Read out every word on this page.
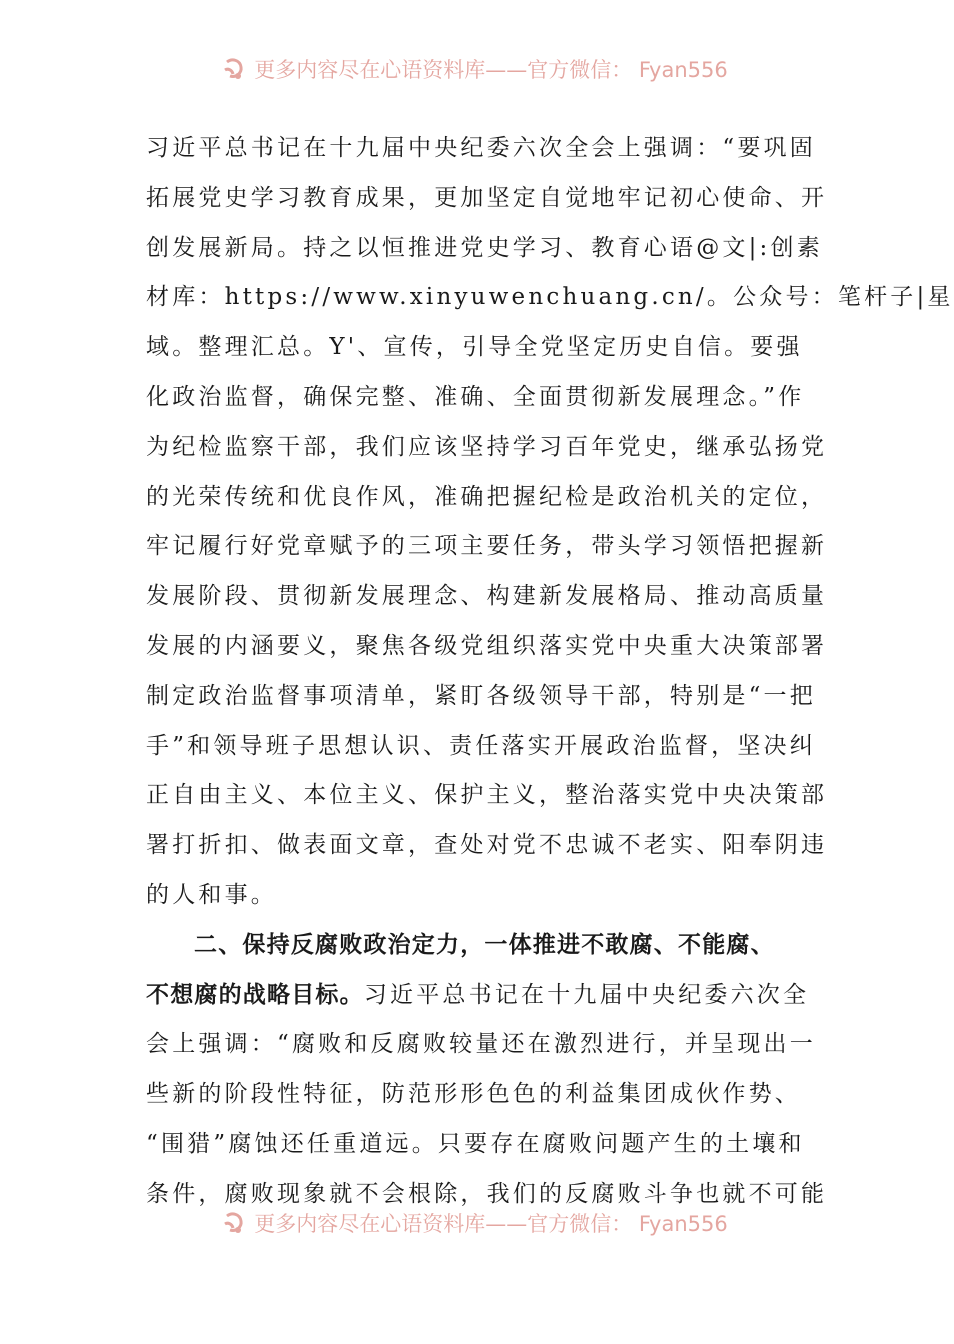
更多内容尽在心语资料库——官方微信： Fyan556
习近平总书记在十九届中央纪委六次全会上强调：“要巩固
拓展党史学习教育成果，更加坚定自觉地牢记初心使命、开
创发展新局。持之以恒推进党史学习、教育心语@文|:创素
材库：https://www.xinyuwenchuang.cn/。公众号：笔杆子|星
域。整理汇总。Y'、宣传，引导全党坚定历史自信。要强
化政治监督，确保完整、准确、全面贯彻新发展理念。”作
为纪检监察干部，我们应该坚持学习百年党史，继承弘扬党
的光荣传统和优良作风，准确把握纪检是政治机关的定位，
牢记履行好党章赋予的三项主要任务，带头学习领悟把握新
发展阶段、贯彻新发展理念、构建新发展格局、推动高质量
发展的内涵要义，聚焦各级党组织落实党中央重大决策部署
制定政治监督事项清单，紧盯各级领导干部，特别是“一把
手”和领导班子思想认识、责任落实开展政治监督，坚决纠
正自由主义、本位主义、保护主义，整治落实党中央决策部
署打折扣、做表面文章，查处对党不忠诚不老实、阳奉阴违
的人和事。
二、保持反腐败政治定力，一体推进不敢腐、不能腐、
不想腐的战略目标。习近平总书记在十九届中央纪委六次全
会上强调：“腐败和反腐败较量还在激烈进行，并呈现出一
些新的阶段性特征，防范形形色色的利益集团成伙作势、
“围猎”腐蚀还任重道远。只要存在腐败问题产生的土壤和
条件，腐败现象就不会根除，我们的反腐败斗争也就不可能
更多内容尽在心语资料库——官方微信： Fyan556
